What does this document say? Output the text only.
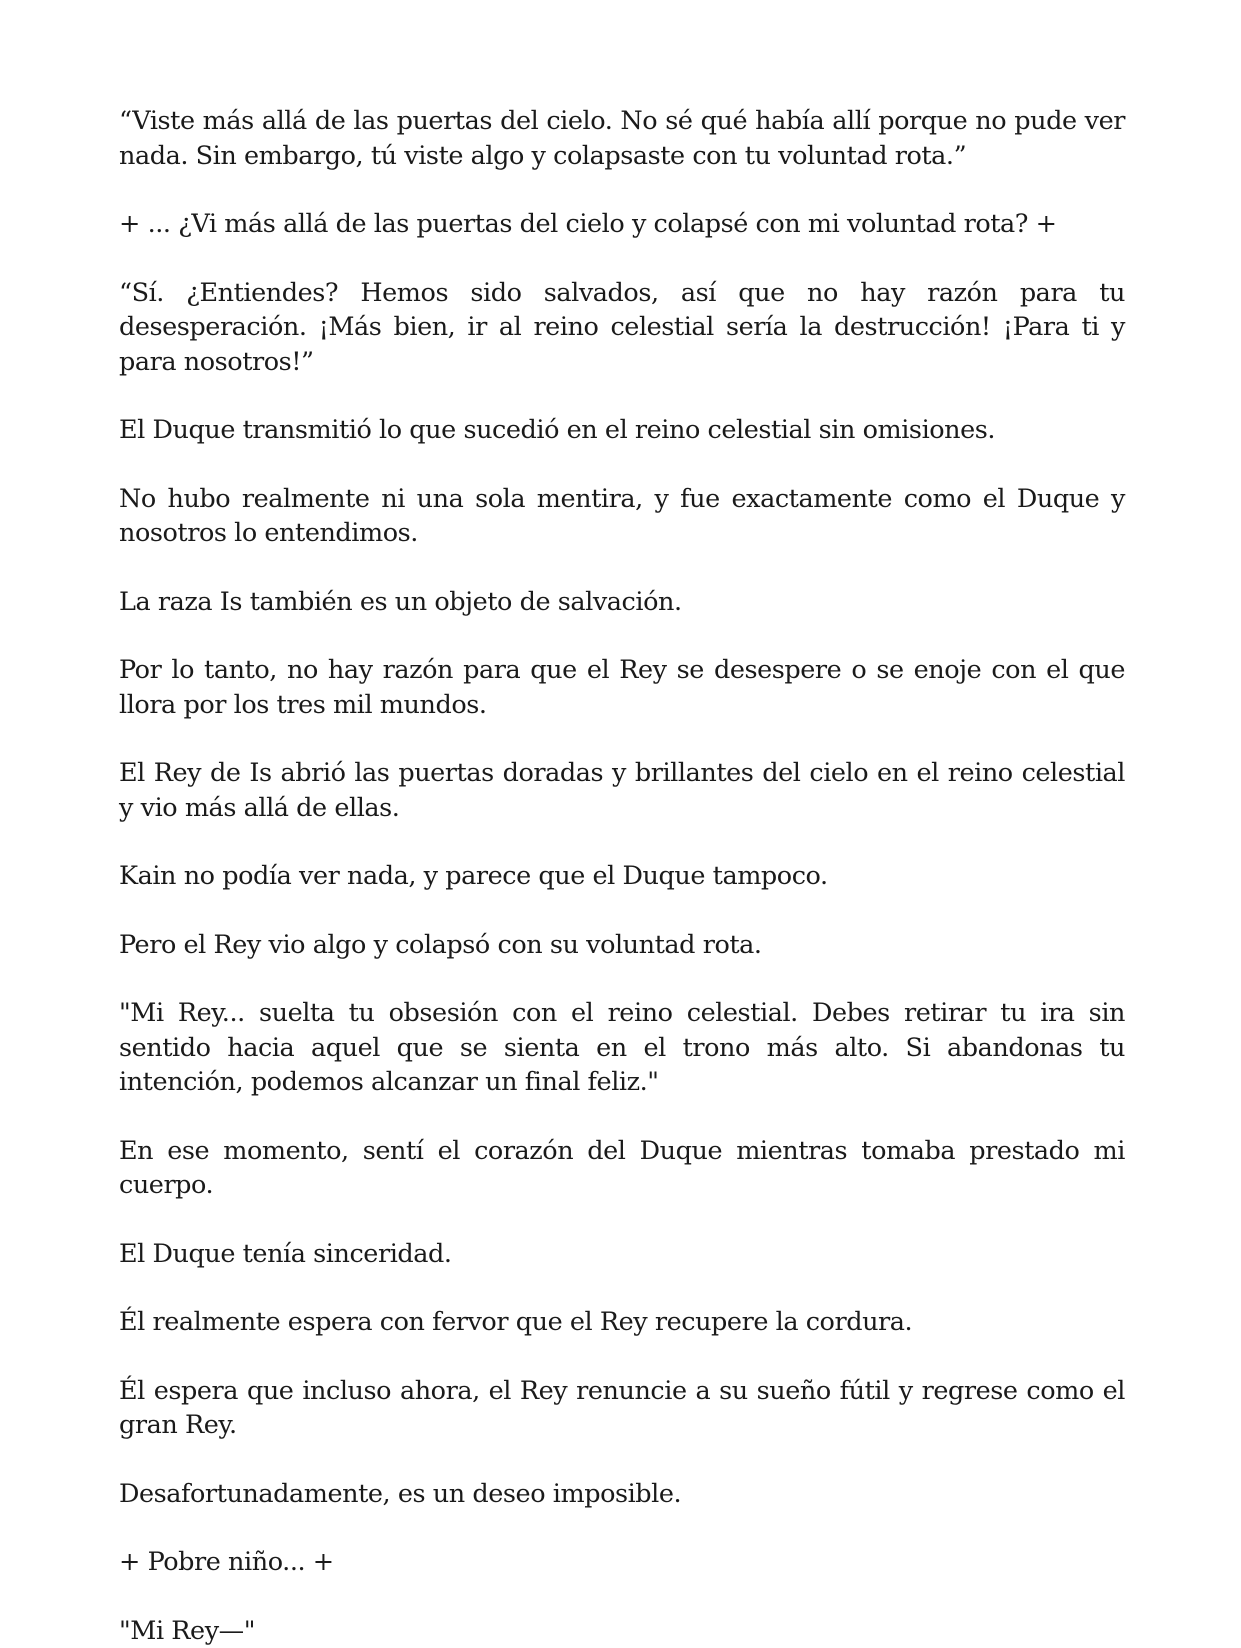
“Viste más allá de las puertas del cielo. No sé qué había allí porque no pude ver nada. Sin embargo, tú viste algo y colapsaste con tu voluntad rota.”

+ ... ¿Vi más allá de las puertas del cielo y colapsé con mi voluntad rota? +

“Sí. ¿Entiendes? Hemos sido salvados, así que no hay razón para tu desesperación. ¡Más bien, ir al reino celestial sería la destrucción! ¡Para ti y para nosotros!”

El Duque transmitió lo que sucedió en el reino celestial sin omisiones.

No hubo realmente ni una sola mentira, y fue exactamente como el Duque y nosotros lo entendimos.

La raza Is también es un objeto de salvación.

Por lo tanto, no hay razón para que el Rey se desespere o se enoje con el que llora por los tres mil mundos.

El Rey de Is abrió las puertas doradas y brillantes del cielo en el reino celestial y vio más allá de ellas.

Kain no podía ver nada, y parece que el Duque tampoco.

Pero el Rey vio algo y colapsó con su voluntad rota.

"Mi Rey... suelta tu obsesión con el reino celestial. Debes retirar tu ira sin sentido hacia aquel que se sienta en el trono más alto. Si abandonas tu intención, podemos alcanzar un final feliz."

En ese momento, sentí el corazón del Duque mientras tomaba prestado mi cuerpo.

El Duque tenía sinceridad.

Él realmente espera con fervor que el Rey recupere la cordura.

Él espera que incluso ahora, el Rey renuncie a su sueño fútil y regrese como el gran Rey.

Desafortunadamente, es un deseo imposible.

+ Pobre niño... +

"Mi Rey—"
